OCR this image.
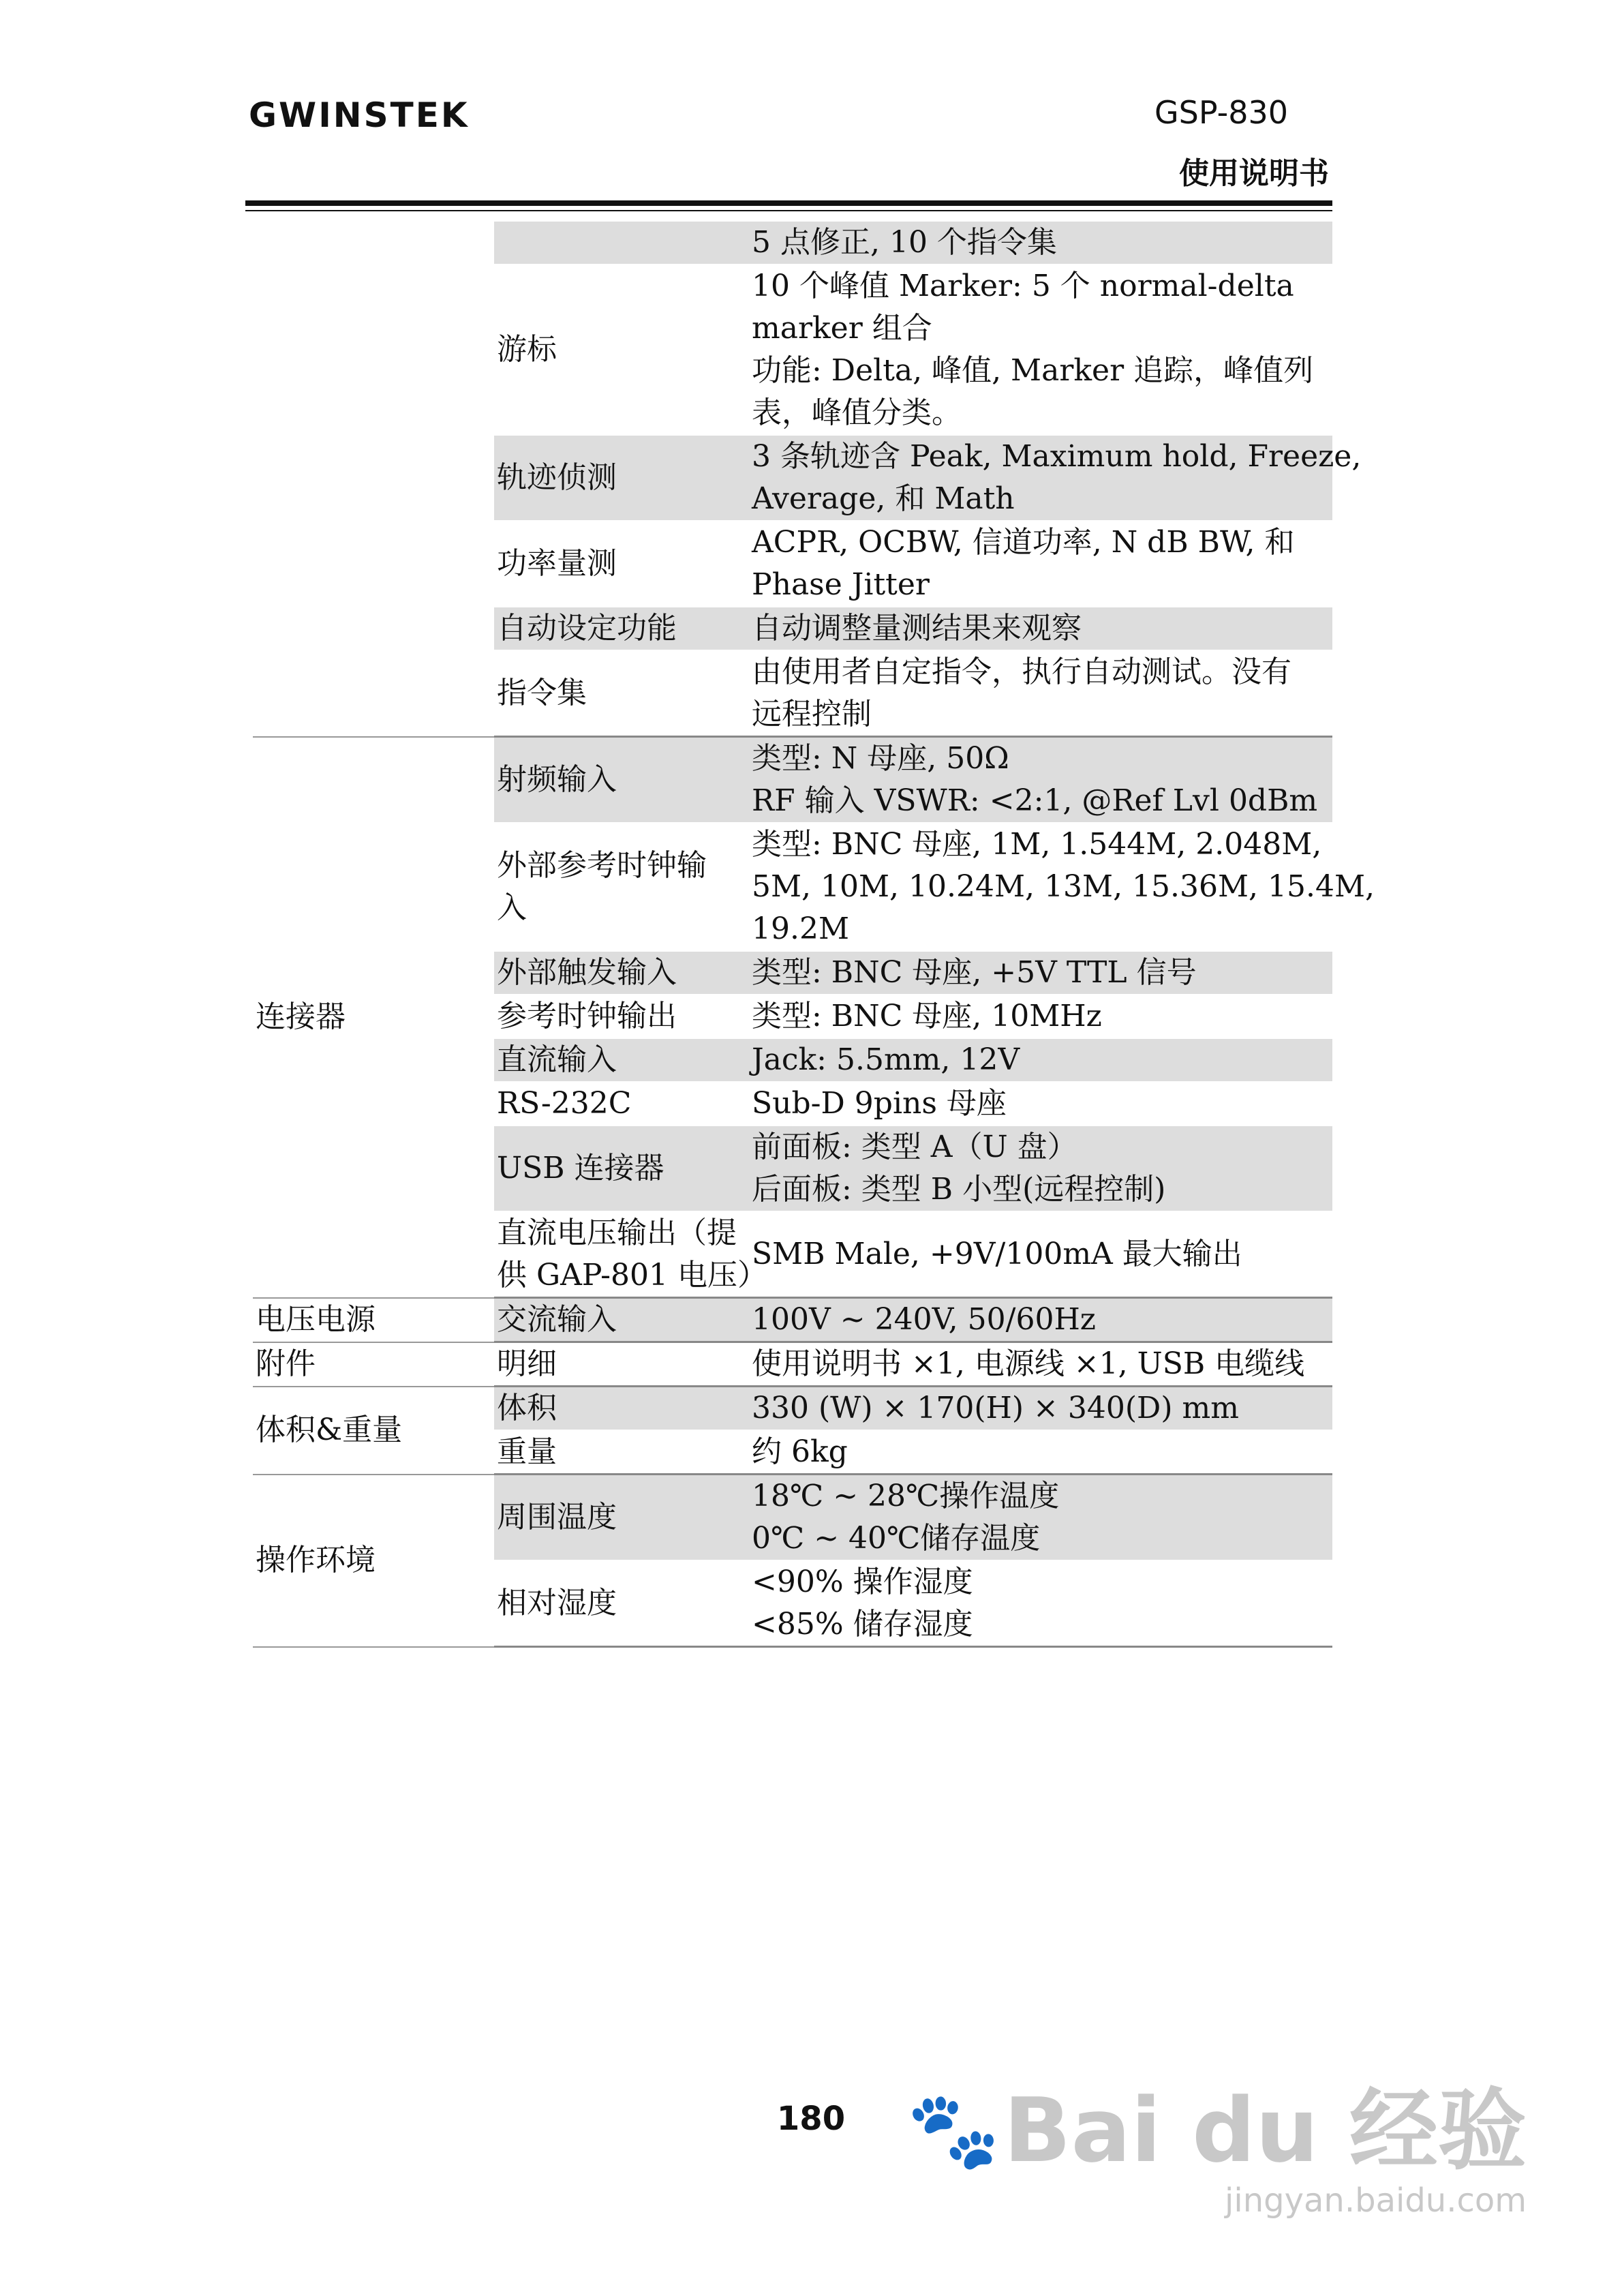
GWINSTEK	GSP-830
使用说明书

		5 点修正, 10 个指令集

	游标	10 个峰值 Marker: 5 个 normal-delta
marker 组合
功能: Delta, 峰值, Marker 追踪，峰值列
表，峰值分类。

	轨迹侦测	3 条轨迹含 Peak, Maximum hold, Freeze,
Average, 和 Math

	功率量测	ACPR, OCBW, 信道功率, N dB BW, 和
Phase Jitter

	自动设定功能	自动调整量测结果来观察

	指令集	由使用者自定指令，执行自动测试。没有
远程控制

连接器	射频输入	类型: N 母座, 50Ω
RF 输入 VSWR: <2:1, @Ref Lvl 0dBm

	外部参考时钟输
入	类型: BNC 母座, 1M, 1.544M, 2.048M,
5M, 10M, 10.24M, 13M, 15.36M, 15.4M,
19.2M

	外部触发输入	类型: BNC 母座, +5V TTL 信号

	参考时钟输出	类型: BNC 母座, 10MHz

	直流输入	Jack: 5.5mm, 12V

	RS-232C	Sub-D 9pins 母座

	USB 连接器	前面板: 类型 A（U 盘）
后面板: 类型 B 小型(远程控制)

	直流电压输出（提
供 GAP-801 电压）	SMB Male, +9V/100mA 最大输出

电压电源	交流输入	100V ~ 240V, 50/60Hz

附件	明细	使用说明书 ×1, 电源线 ×1, USB 电缆线

体积&重量	体积	330 (W) × 170(H) × 340(D) mm

	重量	约 6kg

操作环境	周围温度	18℃ ~ 28℃操作温度
0℃ ~ 40℃储存温度

	相对湿度	<90% 操作湿度
<85% 储存湿度
180 🐾 Bai du 经验
jingyan.baidu.com
